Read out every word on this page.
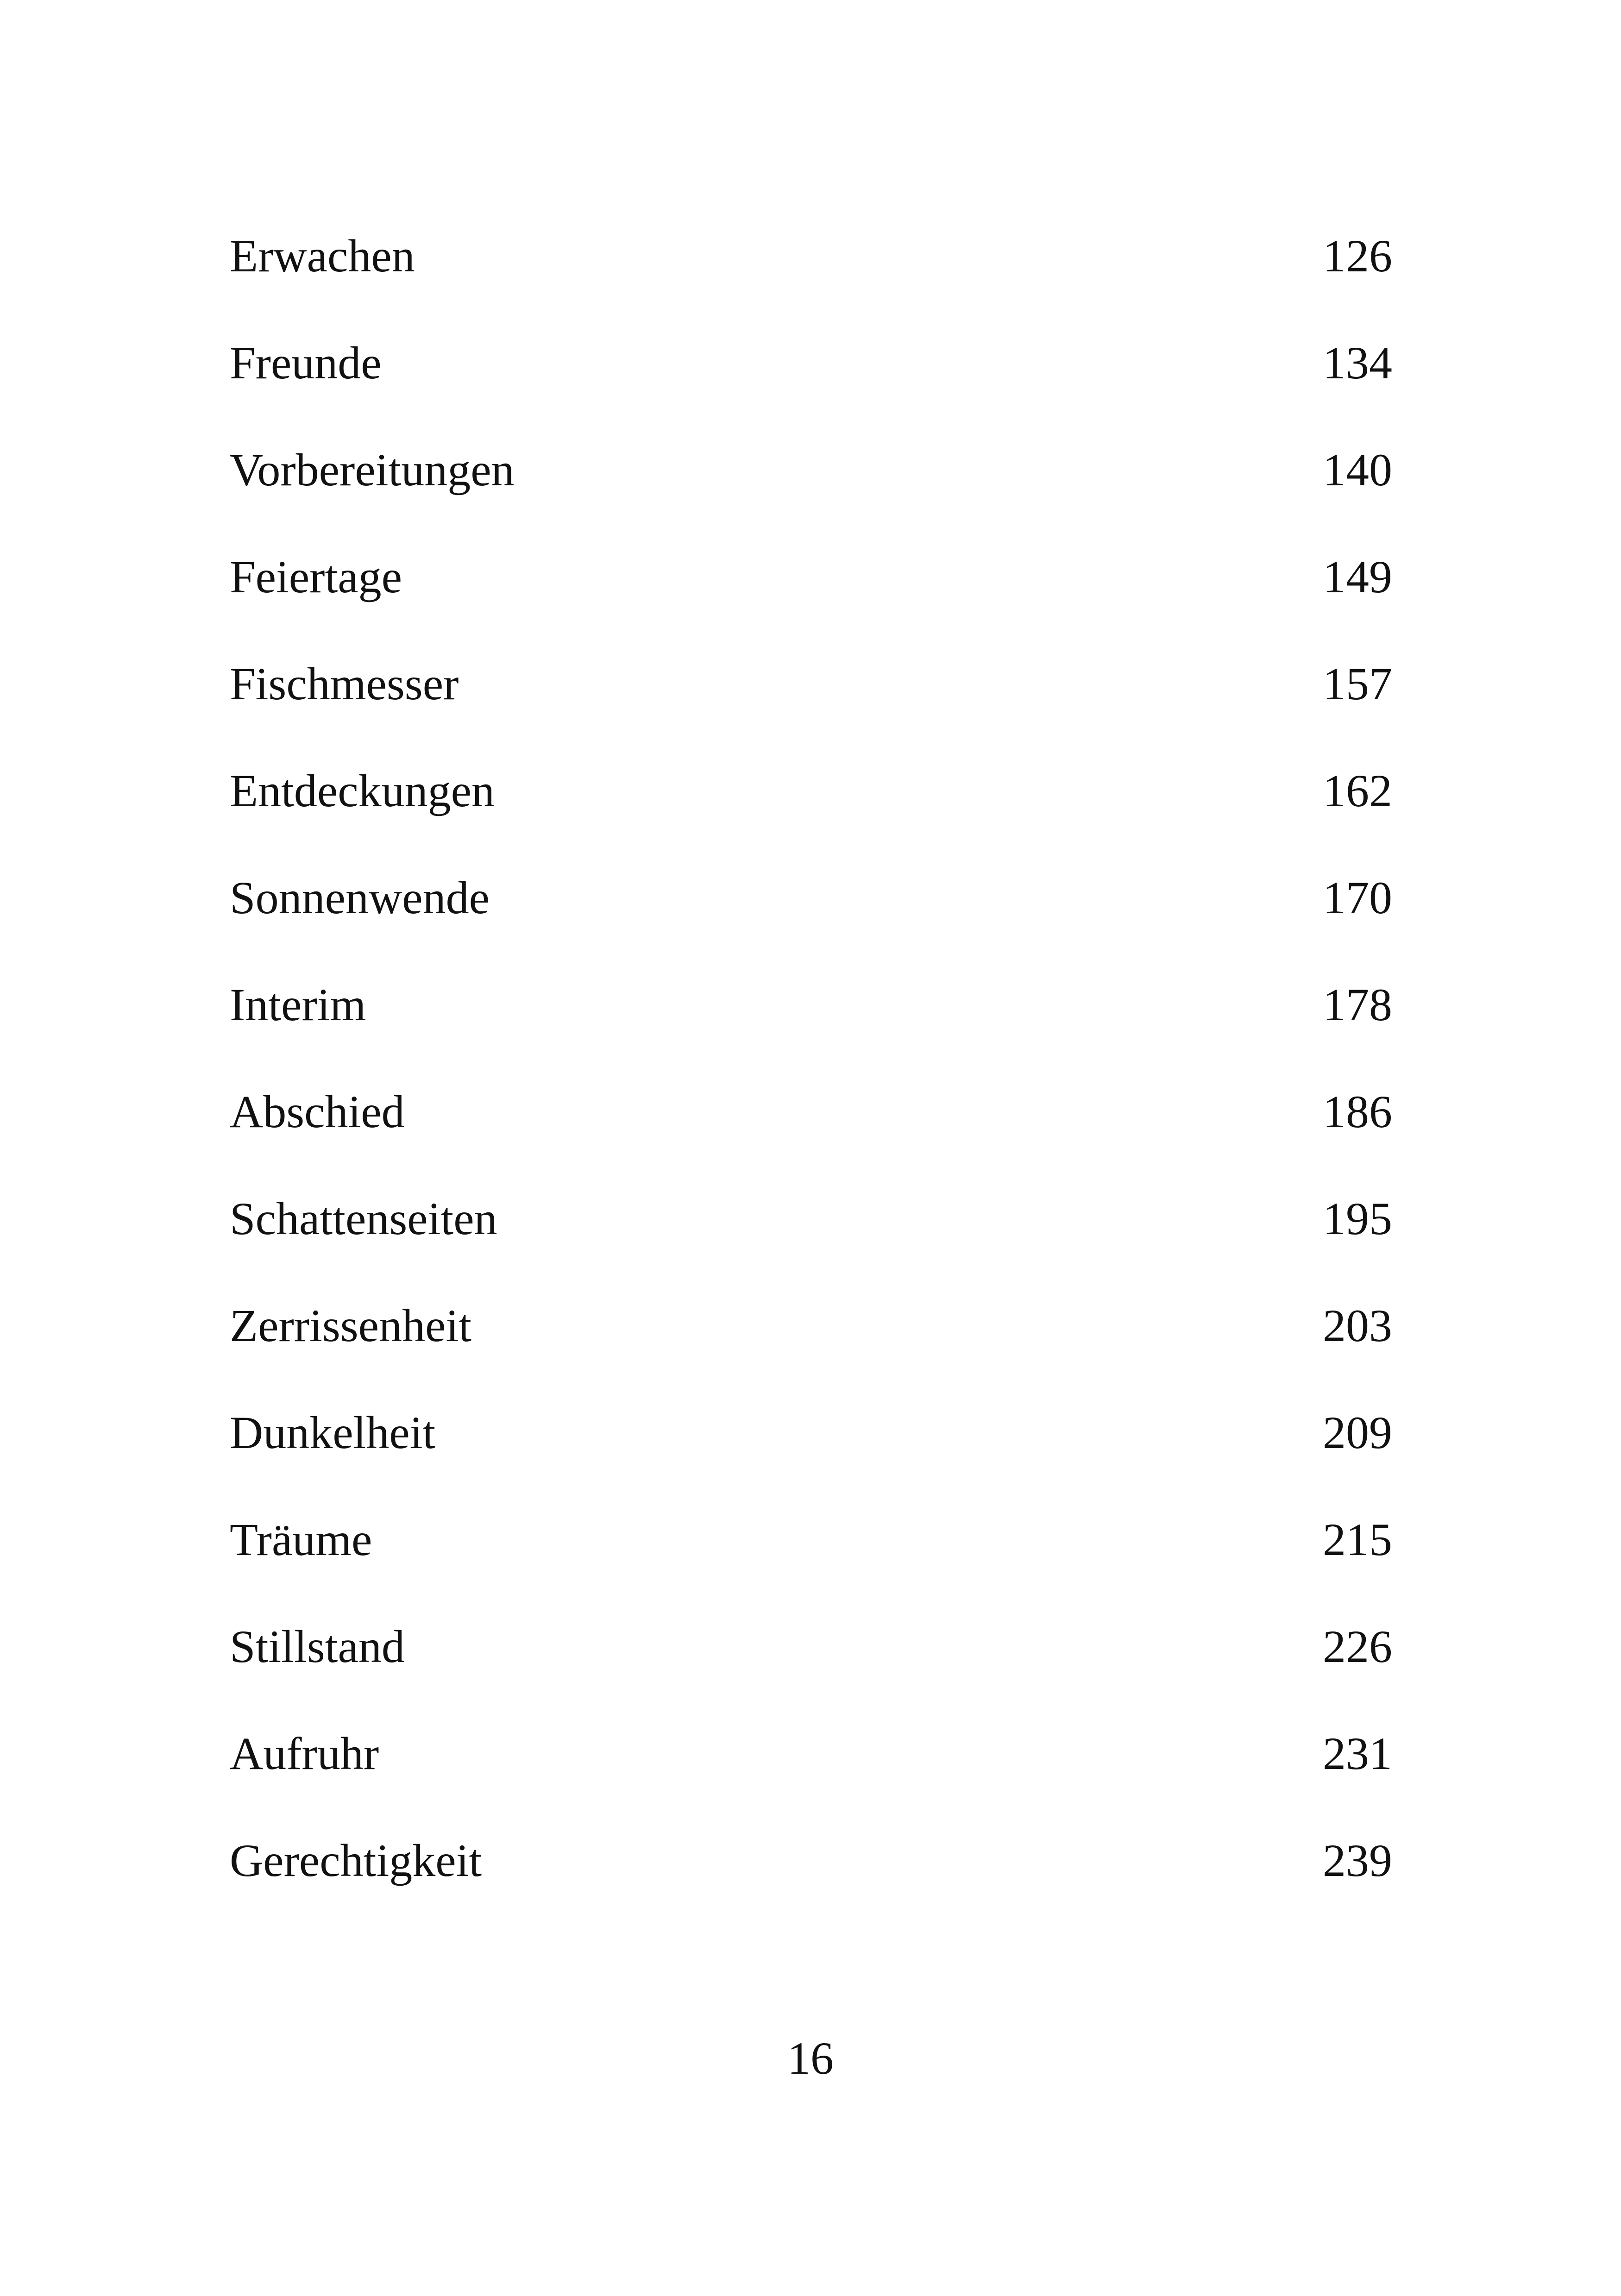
Erwachen	126
Freunde	134
Vorbereitungen	140
Feiertage	149
Fischmesser	157
Entdeckungen	162
Sonnenwende	170
Interim	178
Abschied	186
Schattenseiten	195
Zerrissenheit	203
Dunkelheit	209
Träume	215
Stillstand	226
Aufruhr	231
Gerechtigkeit	239
16
